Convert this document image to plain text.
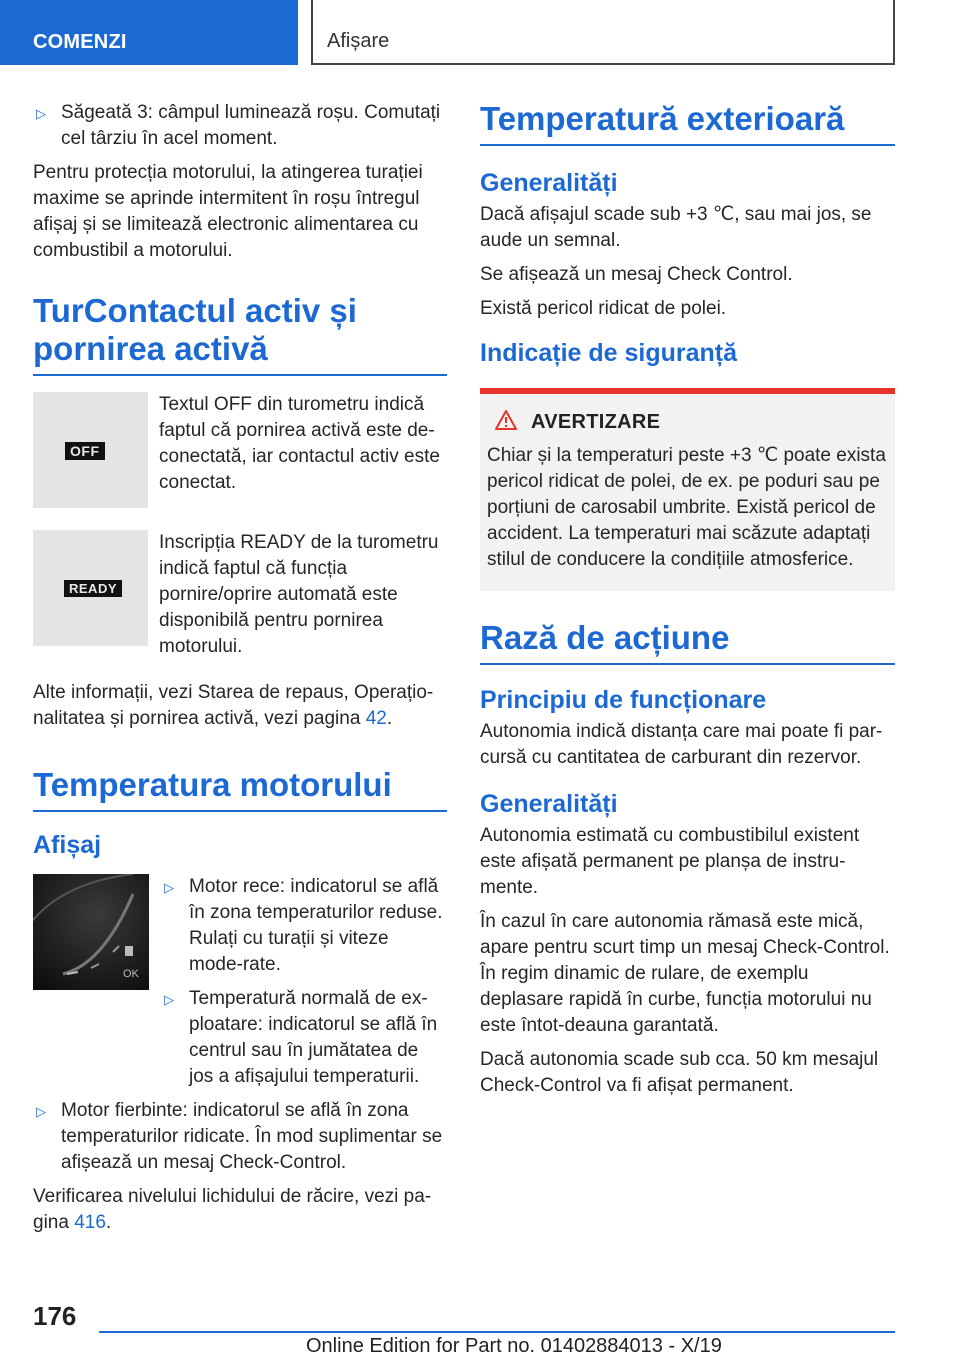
COMENZI	Afișare
▷ Săgeată 3: câmpul luminează roșu. Comutați cel târziu în acel moment.

Pentru protecția motorului, la atingerea turației maxime se aprinde intermitent în roșu întregul afișaj și se limitează electronic alimentarea cu combustibil a motorului.

TurContactul activ și pornirea activă
OFF

Textul OFF din turometru indică faptul că pornirea activă este de-conectată, iar contactul activ este conectat.

READY

Inscripția READY de la turometru indică faptul că funcția pornire/oprire automată este disponibilă pentru pornirea motorului.

Alte informații, vezi Starea de repaus, Operațio-nalitatea și pornirea activă, vezi pagina 42.

Temperatura motorului
Afișaj
OK
▷ Motor rece: indicatorul se află în zona temperaturilor reduse. Rulați cu turații și viteze mode-rate.
▷ Temperatură normală de ex-ploatare: indicatorul se află în centrul sau în jumătatea de jos a afișajului temperaturii.
▷ Motor fierbinte: indicatorul se află în zona temperaturilor ridicate. În mod suplimentar se afișează un mesaj Check-Control.

Verificarea nivelului lichidului de răcire, vezi pa-gina 416.

Temperatură exterioară
Generalități

Dacă afișajul scade sub +3 ℃, sau mai jos, se aude un semnal.

Se afișează un mesaj Check Control.

Există pericol ridicat de polei.

Indicație de siguranță
AVERTIZARE

Chiar și la temperaturi peste +3 ℃ poate exista pericol ridicat de polei, de ex. pe poduri sau pe porțiuni de carosabil umbrite. Există pericol de accident. La temperaturi mai scăzute adaptați stilul de conducere la condițiile atmosferice.

Rază de acțiune
Principiu de funcționare

Autonomia indică distanța care mai poate fi par-cursă cu cantitatea de carburant din rezervor.

Generalități

Autonomia estimată cu combustibilul existent este afișată permanent pe planșa de instru-mente.

În cazul în care autonomia rămasă este mică, apare pentru scurt timp un mesaj Check-Control. În regim dinamic de rulare, de exemplu deplasare rapidă în curbe, funcția motorului nu este întot-deauna garantată.

Dacă autonomia scade sub cca. 50 km mesajul Check-Control va fi afișat permanent.

176
Online Edition for Part no. 01402884013 - X/19
